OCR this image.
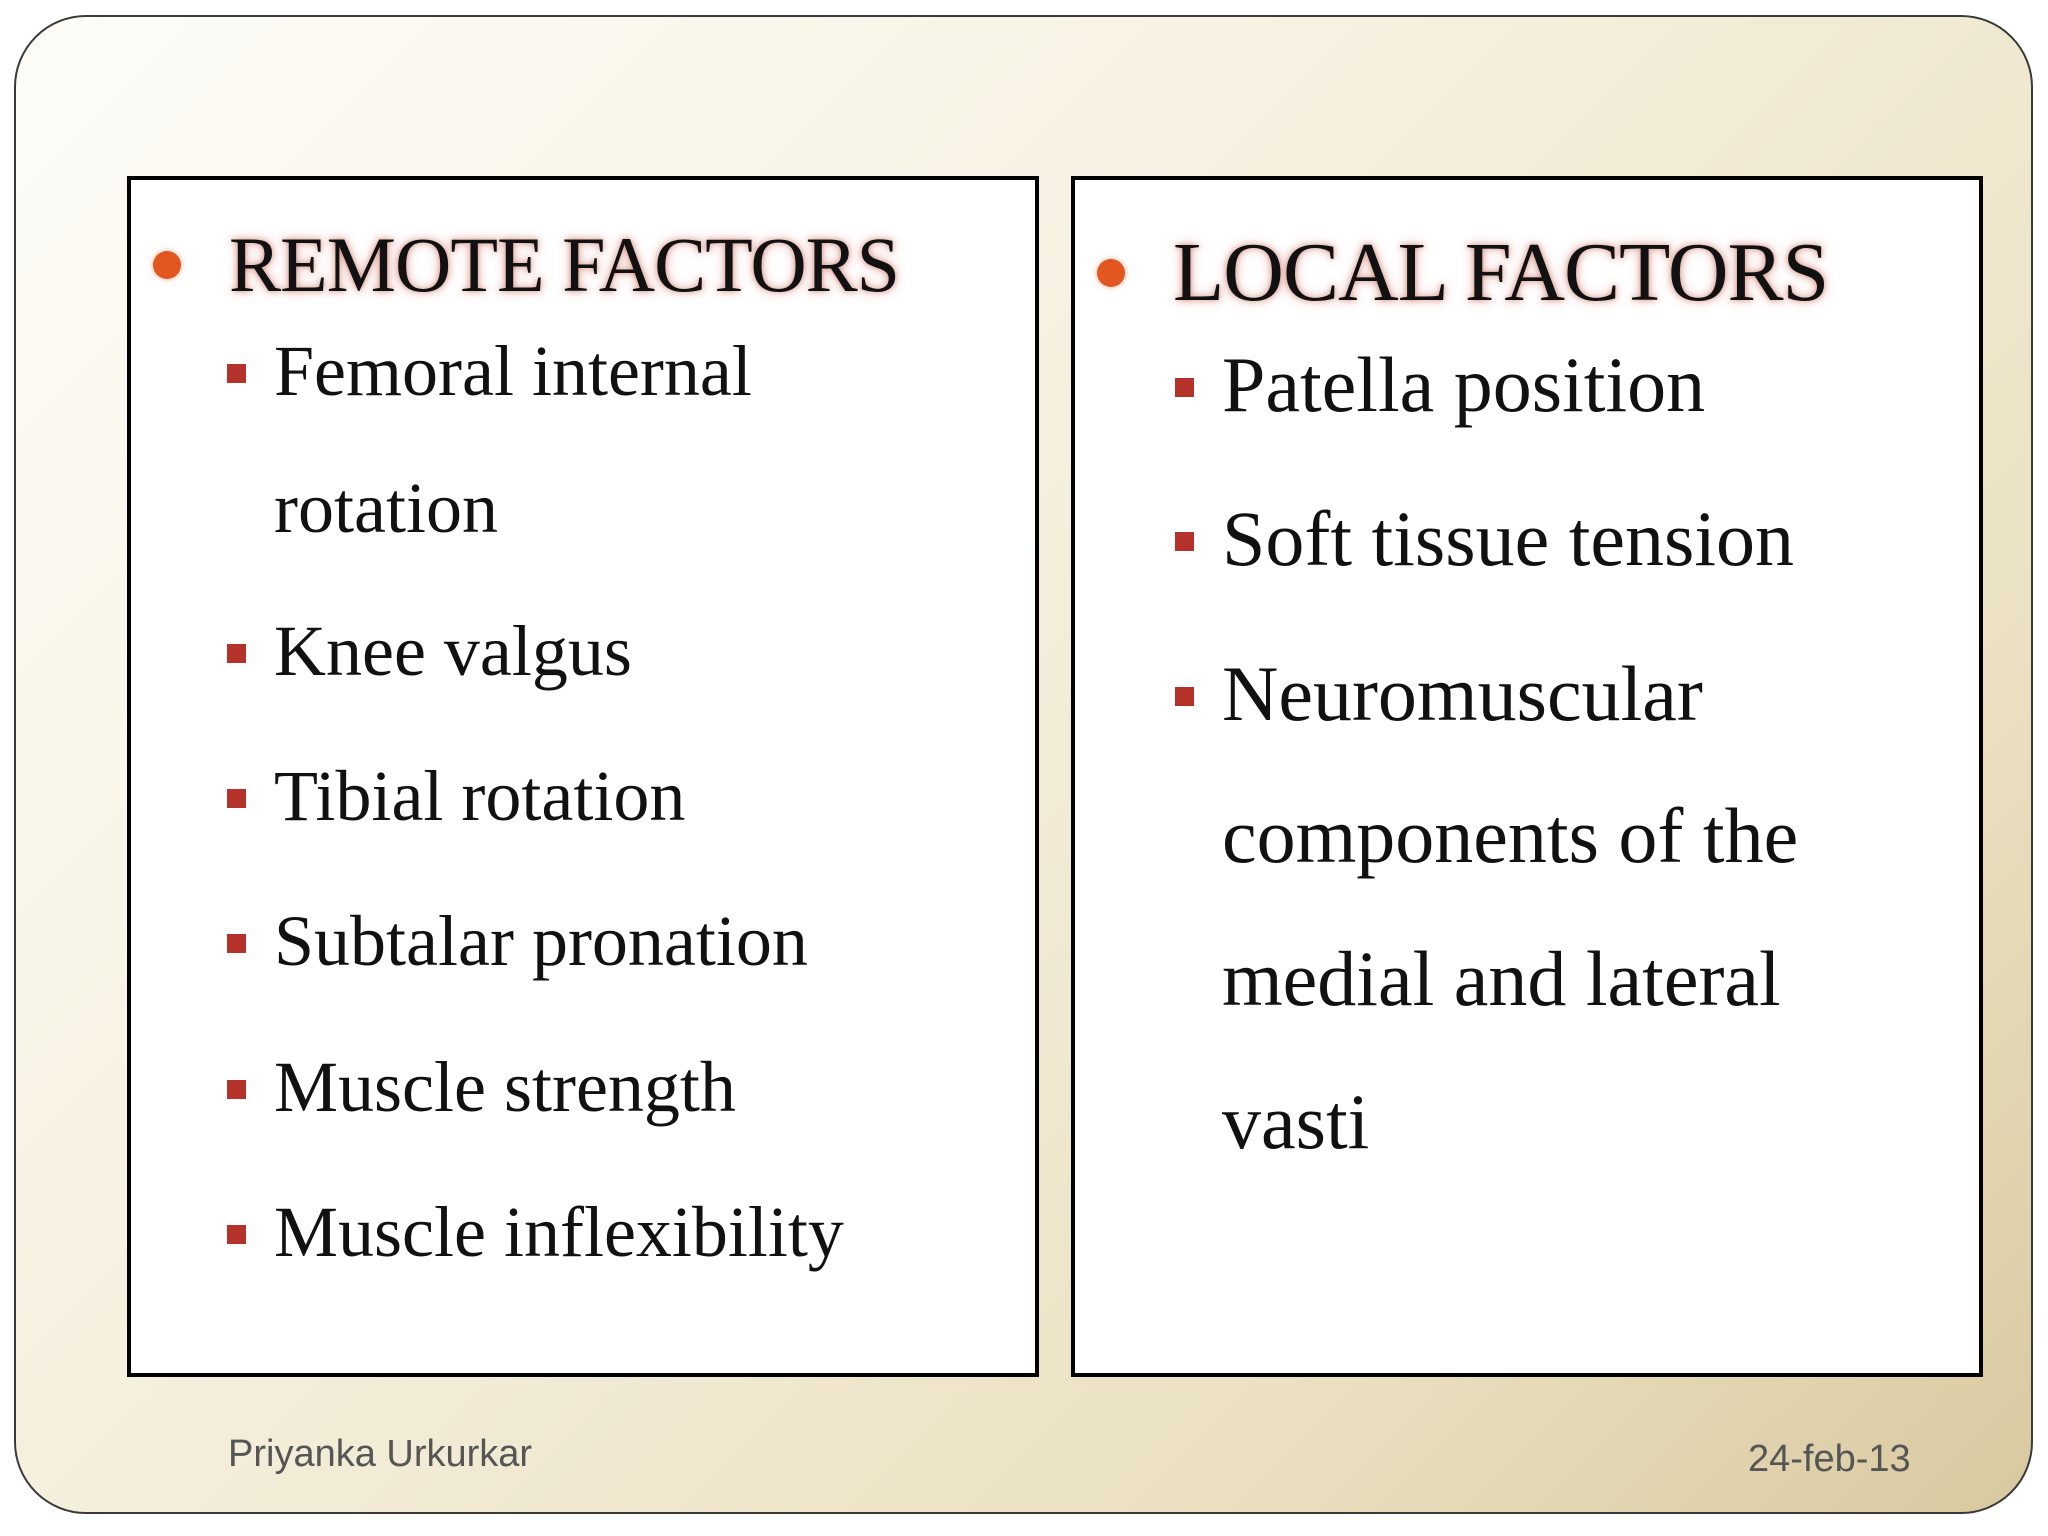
REMOTE FACTORS
Femoral internal
rotation
Knee valgus
Tibial rotation
Subtalar pronation
Muscle strength
Muscle inflexibility
LOCAL FACTORS
Patella position
Soft tissue tension
Neuromuscular
components of the
medial and lateral
vasti
Priyanka Urkurkar	24-feb-13
